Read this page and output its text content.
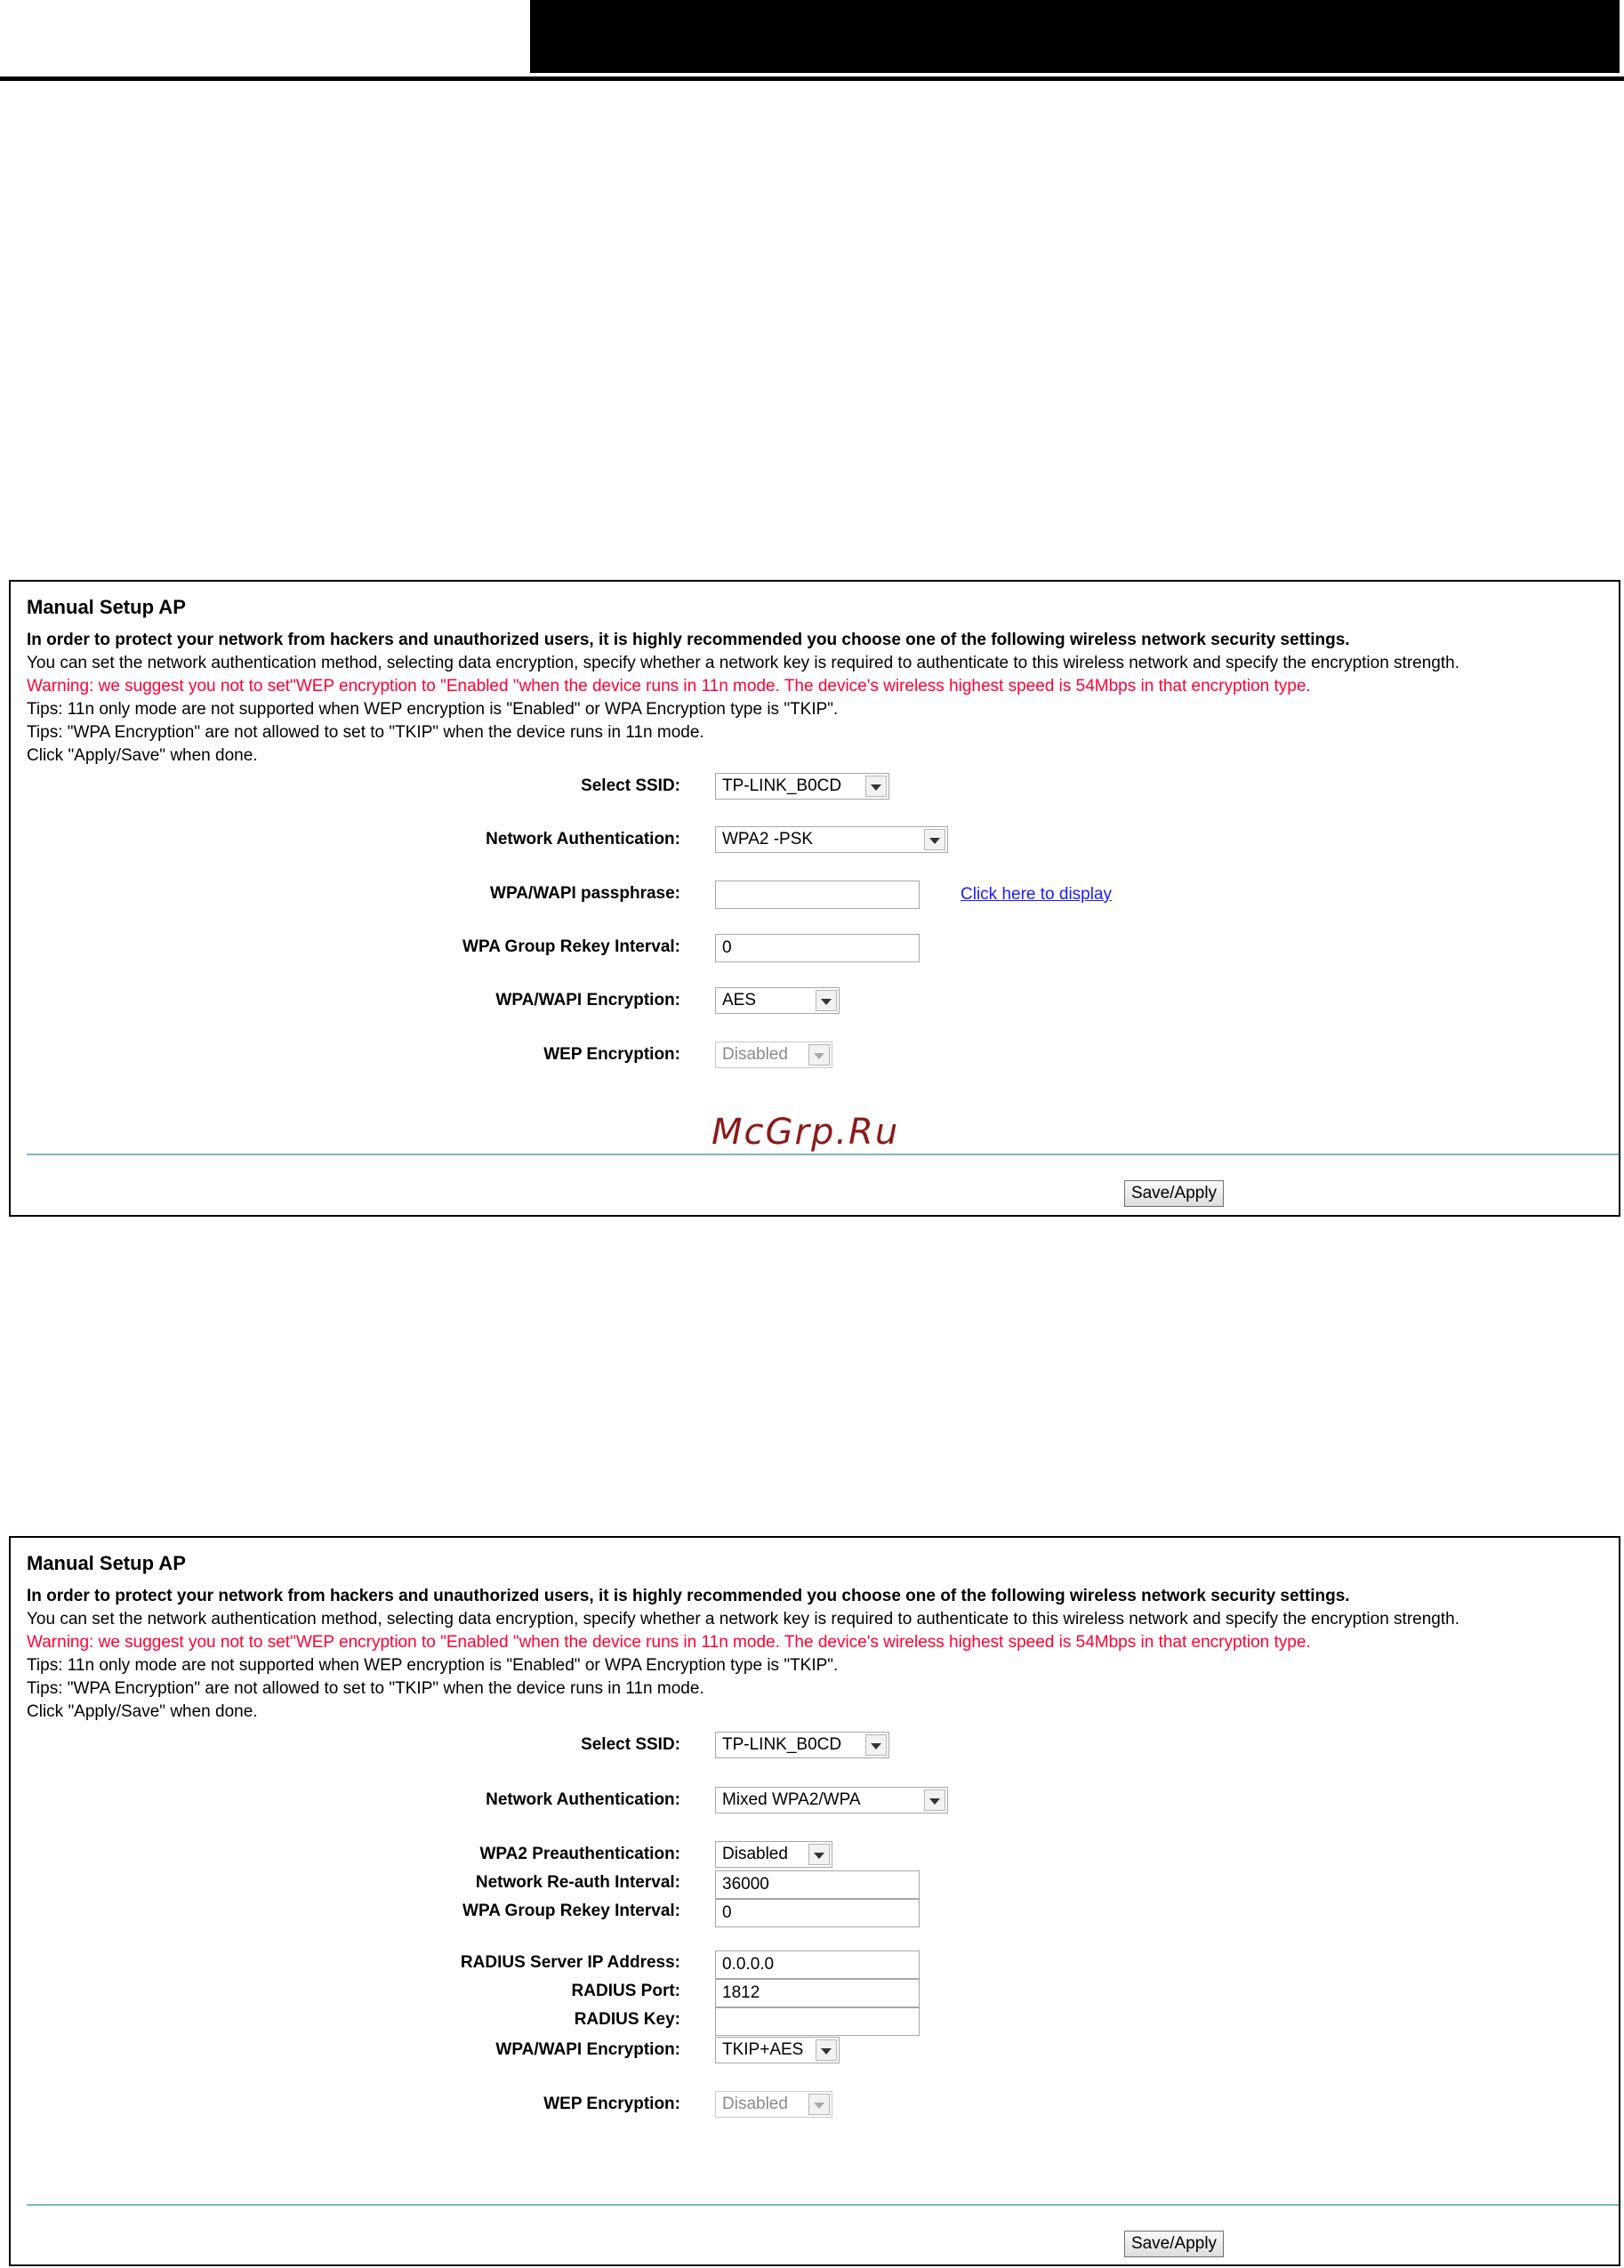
Manual Setup AP
In order to protect your network from hackers and unauthorized users, it is highly recommended you choose one of the following wireless network security settings.
You can set the network authentication method, selecting data encryption, specify whether a network key is required to authenticate to this wireless network and specify the encryption strength.
Warning: we suggest you not to set"WEP encryption to "Enabled "when the device runs in 11n mode. The device's wireless highest speed is 54Mbps in that encryption type.
Tips: 11n only mode are not supported when WEP encryption is "Enabled" or WPA Encryption type is "TKIP".
Tips: "WPA Encryption" are not allowed to set to "TKIP" when the device runs in 11n mode.
Click "Apply/Save" when done.
Select SSID:	TP-LINK_B0CD
Network Authentication:	WPA2 -PSK
WPA/WAPI passphrase:	Click here to display
WPA Group Rekey Interval:	0
WPA/WAPI Encryption:	AES
WEP Encryption:	Disabled
Save/Apply
McGrp.Ru
Manual Setup AP
In order to protect your network from hackers and unauthorized users, it is highly recommended you choose one of the following wireless network security settings.
You can set the network authentication method, selecting data encryption, specify whether a network key is required to authenticate to this wireless network and specify the encryption strength.
Warning: we suggest you not to set"WEP encryption to "Enabled "when the device runs in 11n mode. The device's wireless highest speed is 54Mbps in that encryption type.
Tips: 11n only mode are not supported when WEP encryption is "Enabled" or WPA Encryption type is "TKIP".
Tips: "WPA Encryption" are not allowed to set to "TKIP" when the device runs in 11n mode.
Click "Apply/Save" when done.
Select SSID:	TP-LINK_B0CD
Network Authentication:	Mixed WPA2/WPA
WPA2 Preauthentication:	Disabled
Network Re-auth Interval:	36000
WPA Group Rekey Interval:	0
RADIUS Server IP Address:	0.0.0.0
RADIUS Port:	1812
RADIUS Key:
WPA/WAPI Encryption:	TKIP+AES
WEP Encryption:	Disabled
Save/Apply
